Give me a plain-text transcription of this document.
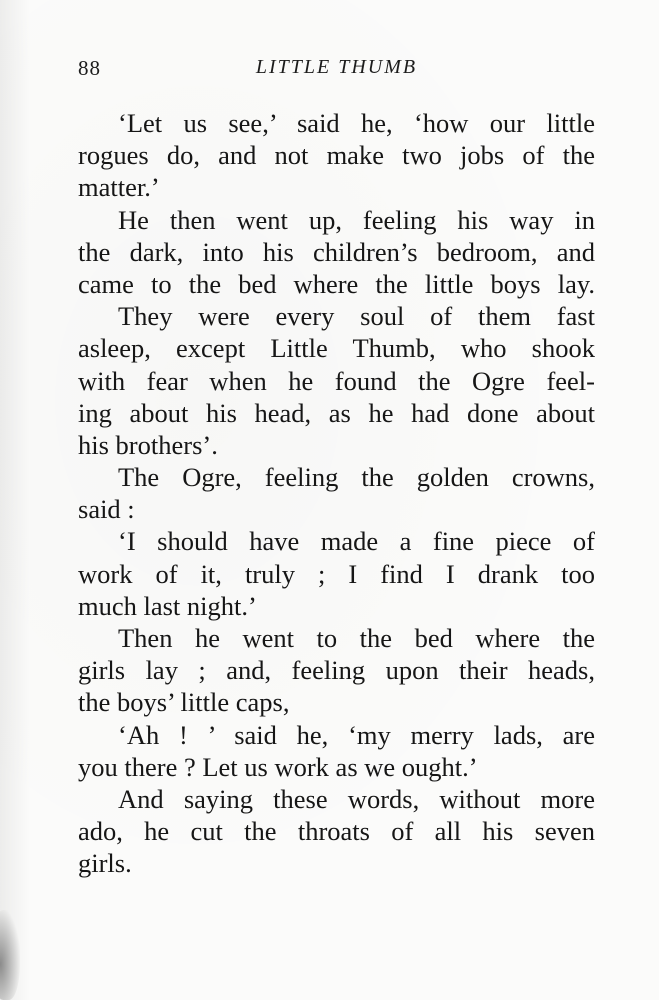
88	LITTLE THUMB
‘Let us see,’ said he, ‘how our little
rogues do, and not make two jobs of the
matter.’
He then went up, feeling his way in
the dark, into his children’s bedroom, and
came to the bed where the little boys lay.
They were every soul of them fast
asleep, except Little Thumb, who shook
with fear when he found the Ogre feel-
ing about his head, as he had done about
his brothers’.
The Ogre, feeling the golden crowns,
said :
‘I should have made a fine piece of
work of it, truly ; I find I drank too
much last night.’
Then he went to the bed where the
girls lay ; and, feeling upon their heads,
the boys’ little caps,
‘Ah ! ’ said he, ‘my merry lads, are
you there ? Let us work as we ought.’
And saying these words, without more
ado, he cut the throats of all his seven
girls.
